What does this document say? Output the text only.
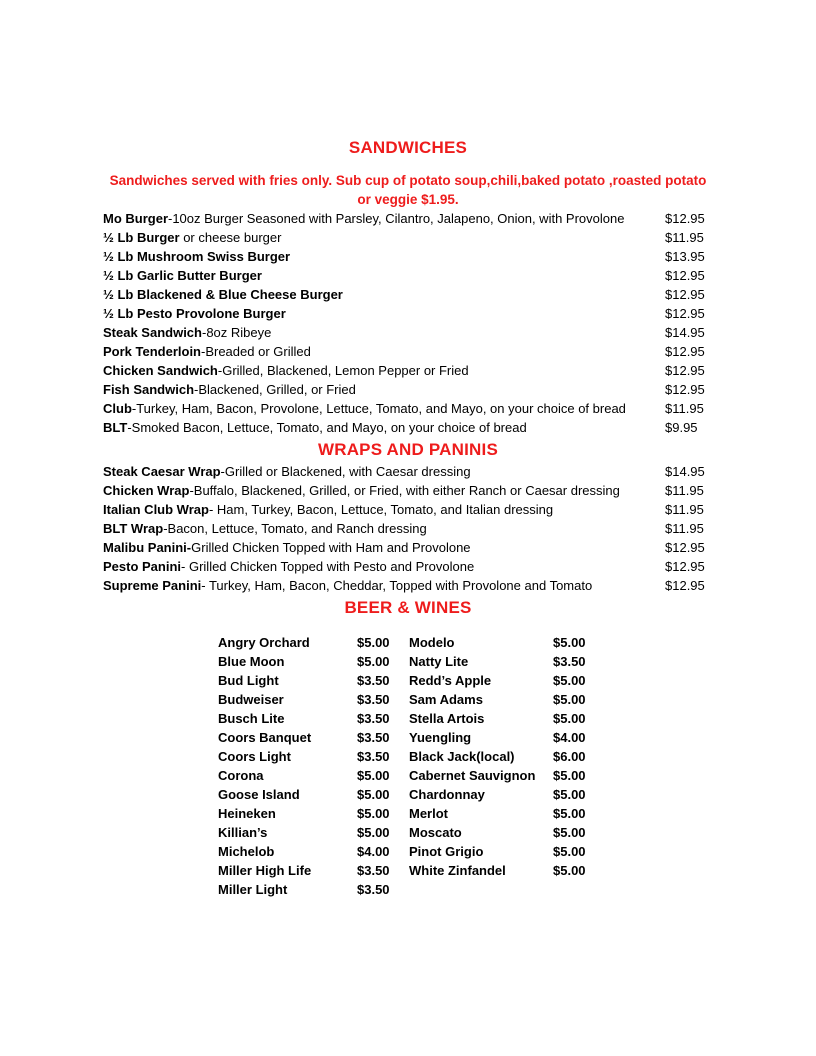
SANDWICHES
Sandwiches served with fries only. Sub cup of potato soup,chili,baked potato ,roasted potato
or veggie $1.95.
Mo Burger-10oz Burger Seasoned with Parsley, Cilantro, Jalapeno, Onion, with Provolone	$12.95
½ Lb Burger or cheese burger	$11.95
½ Lb Mushroom Swiss Burger	$13.95
½ Lb Garlic Butter Burger	$12.95
½ Lb Blackened & Blue Cheese Burger	$12.95
½ Lb Pesto Provolone Burger	$12.95
Steak Sandwich-8oz Ribeye	$14.95
Pork Tenderloin-Breaded or Grilled	$12.95
Chicken Sandwich-Grilled, Blackened, Lemon Pepper or Fried	$12.95
Fish Sandwich-Blackened, Grilled, or Fried	$12.95
Club-Turkey, Ham, Bacon, Provolone, Lettuce, Tomato, and Mayo, on your choice of bread	$11.95
BLT-Smoked Bacon, Lettuce, Tomato, and Mayo, on your choice of bread	$9.95
WRAPS AND PANINIS
Steak Caesar Wrap-Grilled or Blackened, with Caesar dressing	$14.95
Chicken Wrap-Buffalo, Blackened, Grilled, or Fried, with either Ranch or Caesar dressing	$11.95
Italian Club Wrap- Ham, Turkey, Bacon, Lettuce, Tomato, and Italian dressing	$11.95
BLT Wrap-Bacon, Lettuce, Tomato, and Ranch dressing	$11.95
Malibu Panini-Grilled Chicken Topped with Ham and Provolone	$12.95
Pesto Panini- Grilled Chicken Topped with Pesto and Provolone	$12.95
Supreme Panini- Turkey, Ham, Bacon, Cheddar, Topped with Provolone and Tomato	$12.95
BEER & WINES
Angry Orchard	$5.00
Blue Moon	$5.00
Bud Light	$3.50
Budweiser	$3.50
Busch Lite	$3.50
Coors Banquet	$3.50
Coors Light	$3.50
Corona	$5.00
Goose Island	$5.00
Heineken	$5.00
Killian’s	$5.00
Michelob	$4.00
Miller High Life	$3.50
Miller Light	$3.50
Modelo	$5.00
Natty Lite	$3.50
Redd’s Apple	$5.00
Sam Adams	$5.00
Stella Artois	$5.00
Yuengling	$4.00
Black Jack(local)	$6.00
Cabernet Sauvignon $5.00
Chardonnay	$5.00
Merlot	$5.00
Moscato	$5.00
Pinot Grigio	$5.00
White Zinfandel	$5.00
